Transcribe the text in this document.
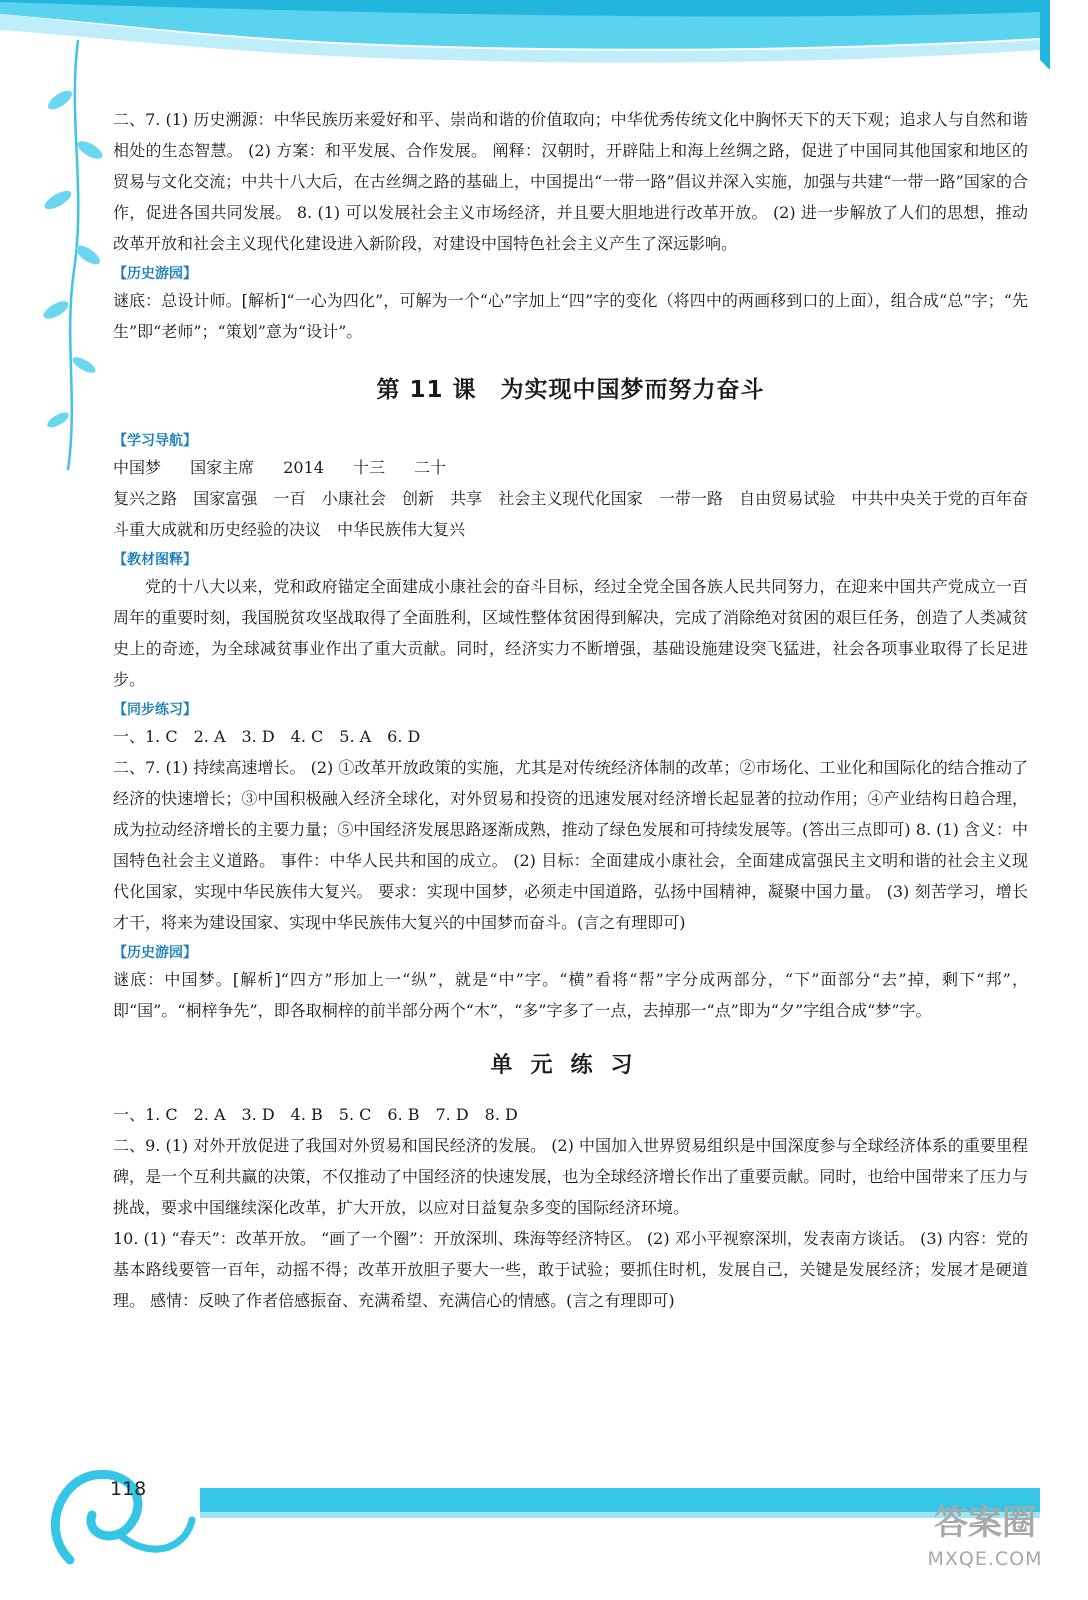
二、7. (1) 历史溯源：中华民族历来爱好和平、崇尚和谐的价值取向；中华优秀传统文化中胸怀天下的天下观；追求人与自然和谐相处的生态智慧。 (2) 方案：和平发展、合作发展。 阐释：汉朝时，开辟陆上和海上丝绸之路，促进了中国同其他国家和地区的贸易与文化交流；中共十八大后，在古丝绸之路的基础上，中国提出“一带一路”倡议并深入实施，加强与共建“一带一路”国家的合作，促进各国共同发展。 8. (1) 可以发展社会主义市场经济，并且要大胆地进行改革开放。 (2) 进一步解放了人们的思想，推动改革开放和社会主义现代化建设进入新阶段，对建设中国特色社会主义产生了深远影响。

【历史游园】

谜底：总设计师。[解析]“一心为四化”，可解为一个“心”字加上“四”字的变化（将四中的两画移到口的上面），组合成“总”字；“先生”即“老师”；“策划”意为“设计”。

第 11 课　为实现中国梦而努力奋斗
【学习导航】

中国梦 国家主席 2014 十三 二十

复兴之路　国家富强　一百　小康社会　创新　共享　社会主义现代化国家　一带一路　自由贸易试验　中共中央关于党的百年奋斗重大成就和历史经验的决议　中华民族伟大复兴

【教材图释】

党的十八大以来，党和政府锚定全面建成小康社会的奋斗目标，经过全党全国各族人民共同努力，在迎来中国共产党成立一百周年的重要时刻，我国脱贫攻坚战取得了全面胜利，区域性整体贫困得到解决，完成了消除绝对贫困的艰巨任务，创造了人类减贫史上的奇迹，为全球减贫事业作出了重大贡献。同时，经济实力不断增强，基础设施建设突飞猛进，社会各项事业取得了长足进步。

【同步练习】

一、1. C　2. A　3. D　4. C　5. A　6. D

二、7. (1) 持续高速增长。 (2) ①改革开放政策的实施，尤其是对传统经济体制的改革；②市场化、工业化和国际化的结合推动了经济的快速增长；③中国积极融入经济全球化，对外贸易和投资的迅速发展对经济增长起显著的拉动作用；④产业结构日趋合理，成为拉动经济增长的主要力量；⑤中国经济发展思路逐渐成熟，推动了绿色发展和可持续发展等。(答出三点即可) 8. (1) 含义：中国特色社会主义道路。 事件：中华人民共和国的成立。 (2) 目标：全面建成小康社会，全面建成富强民主文明和谐的社会主义现代化国家，实现中华民族伟大复兴。 要求：实现中国梦，必须走中国道路，弘扬中国精神，凝聚中国力量。 (3) 刻苦学习，增长才干，将来为建设国家、实现中华民族伟大复兴的中国梦而奋斗。(言之有理即可)

【历史游园】

谜底：中国梦。[解析]“四方”形加上一“纵”，就是“中”字。“横”看将“帮”字分成两部分，“下”面部分“去”掉，剩下“邦”，即“国”。“桐梓争先”，即各取桐梓的前半部分两个“木”，“多”字多了一点，去掉那一“点”即为“夕”字组合成“梦”字。

单元练习

一、1. C　2. A　3. D　4. B　5. C　6. B　7. D　8. D

二、9. (1) 对外开放促进了我国对外贸易和国民经济的发展。 (2) 中国加入世界贸易组织是中国深度参与全球经济体系的重要里程碑，是一个互利共赢的决策，不仅推动了中国经济的快速发展，也为全球经济增长作出了重要贡献。同时，也给中国带来了压力与挑战，要求中国继续深化改革，扩大开放，以应对日益复杂多变的国际经济环境。

10. (1) “春天”：改革开放。 “画了一个圈”：开放深圳、珠海等经济特区。 (2) 邓小平视察深圳，发表南方谈话。 (3) 内容：党的基本路线要管一百年，动摇不得；改革开放胆子要大一些，敢于试验；要抓住时机，发展自己，关键是发展经济；发展才是硬道理。 感情：反映了作者倍感振奋、充满希望、充满信心的情感。(言之有理即可)

118
答案圈
MXQE.COM
